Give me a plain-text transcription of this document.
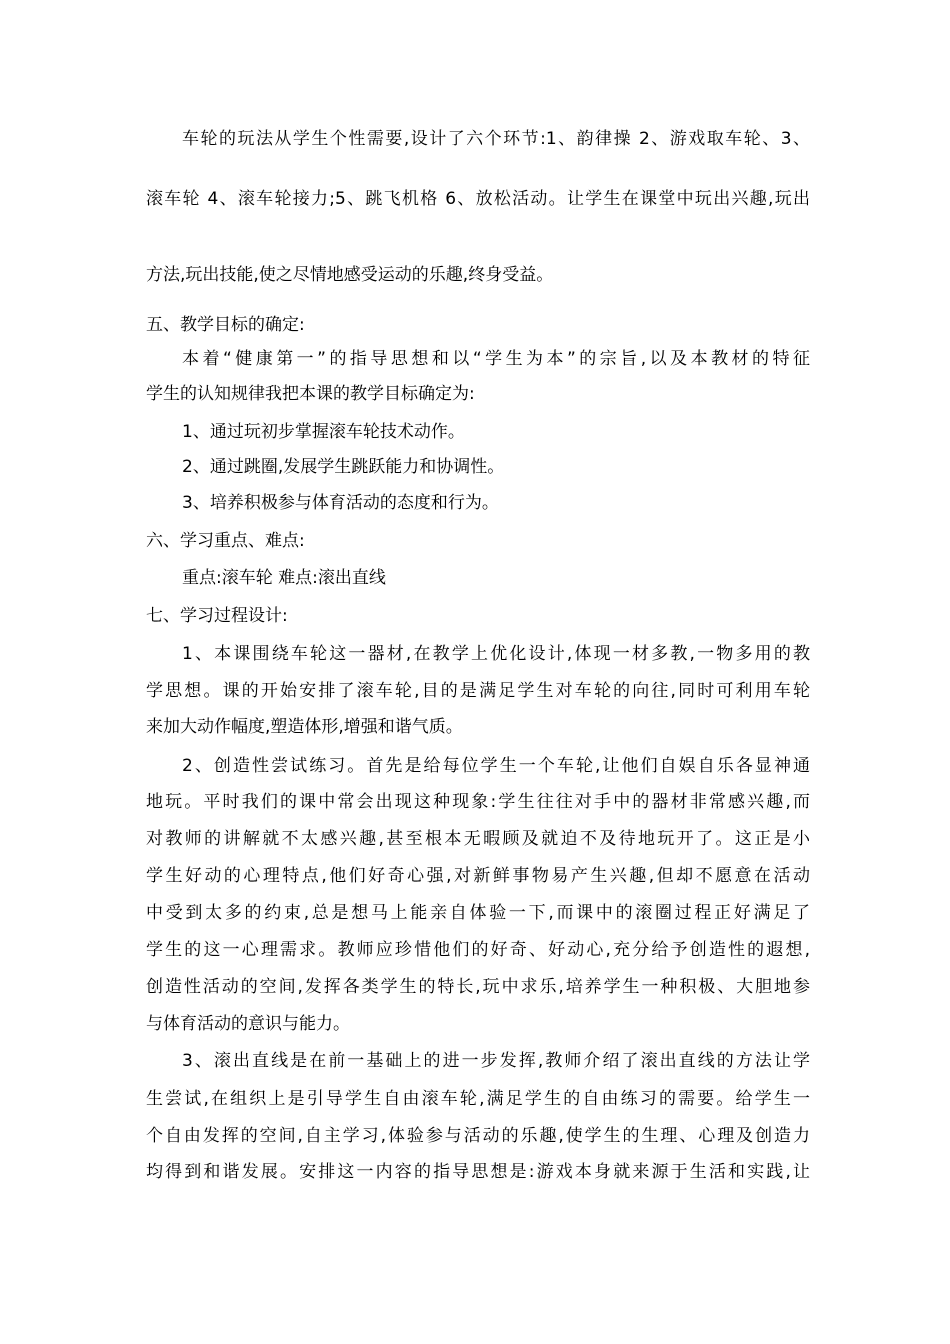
车轮的玩法从学生个性需要,设计了六个环节:1、韵律操 2、游戏取车轮、3、
滚车轮 4、滚车轮接力;5、跳飞机格 6、放松活动。让学生在课堂中玩出兴趣,玩出
方法,玩出技能,使之尽情地感受运动的乐趣,终身受益。
五、教学目标的确定:
本着“健康第一”的指导思想和以“学生为本”的宗旨,以及本教材的特征
学生的认知规律我把本课的教学目标确定为:
1、通过玩初步掌握滚车轮技术动作。
2、通过跳圈,发展学生跳跃能力和协调性。
3、培养积极参与体育活动的态度和行为。
六、学习重点、难点:
重点:滚车轮 难点:滚出直线
七、学习过程设计:
1、本课围绕车轮这一器材,在教学上优化设计,体现一材多教,一物多用的教
学思想。课的开始安排了滚车轮,目的是满足学生对车轮的向往,同时可利用车轮
来加大动作幅度,塑造体形,增强和谐气质。
2、创造性尝试练习。首先是给每位学生一个车轮,让他们自娱自乐各显神通
地玩。平时我们的课中常会出现这种现象:学生往往对手中的器材非常感兴趣,而
对教师的讲解就不太感兴趣,甚至根本无暇顾及就迫不及待地玩开了。这正是小
学生好动的心理特点,他们好奇心强,对新鲜事物易产生兴趣,但却不愿意在活动
中受到太多的约束,总是想马上能亲自体验一下,而课中的滚圈过程正好满足了
学生的这一心理需求。教师应珍惜他们的好奇、好动心,充分给予创造性的遐想,
创造性活动的空间,发挥各类学生的特长,玩中求乐,培养学生一种积极、大胆地参
与体育活动的意识与能力。
3、滚出直线是在前一基础上的进一步发挥,教师介绍了滚出直线的方法让学
生尝试,在组织上是引导学生自由滚车轮,满足学生的自由练习的需要。给学生一
个自由发挥的空间,自主学习,体验参与活动的乐趣,使学生的生理、心理及创造力
均得到和谐发展。安排这一内容的指导思想是:游戏本身就来源于生活和实践,让
